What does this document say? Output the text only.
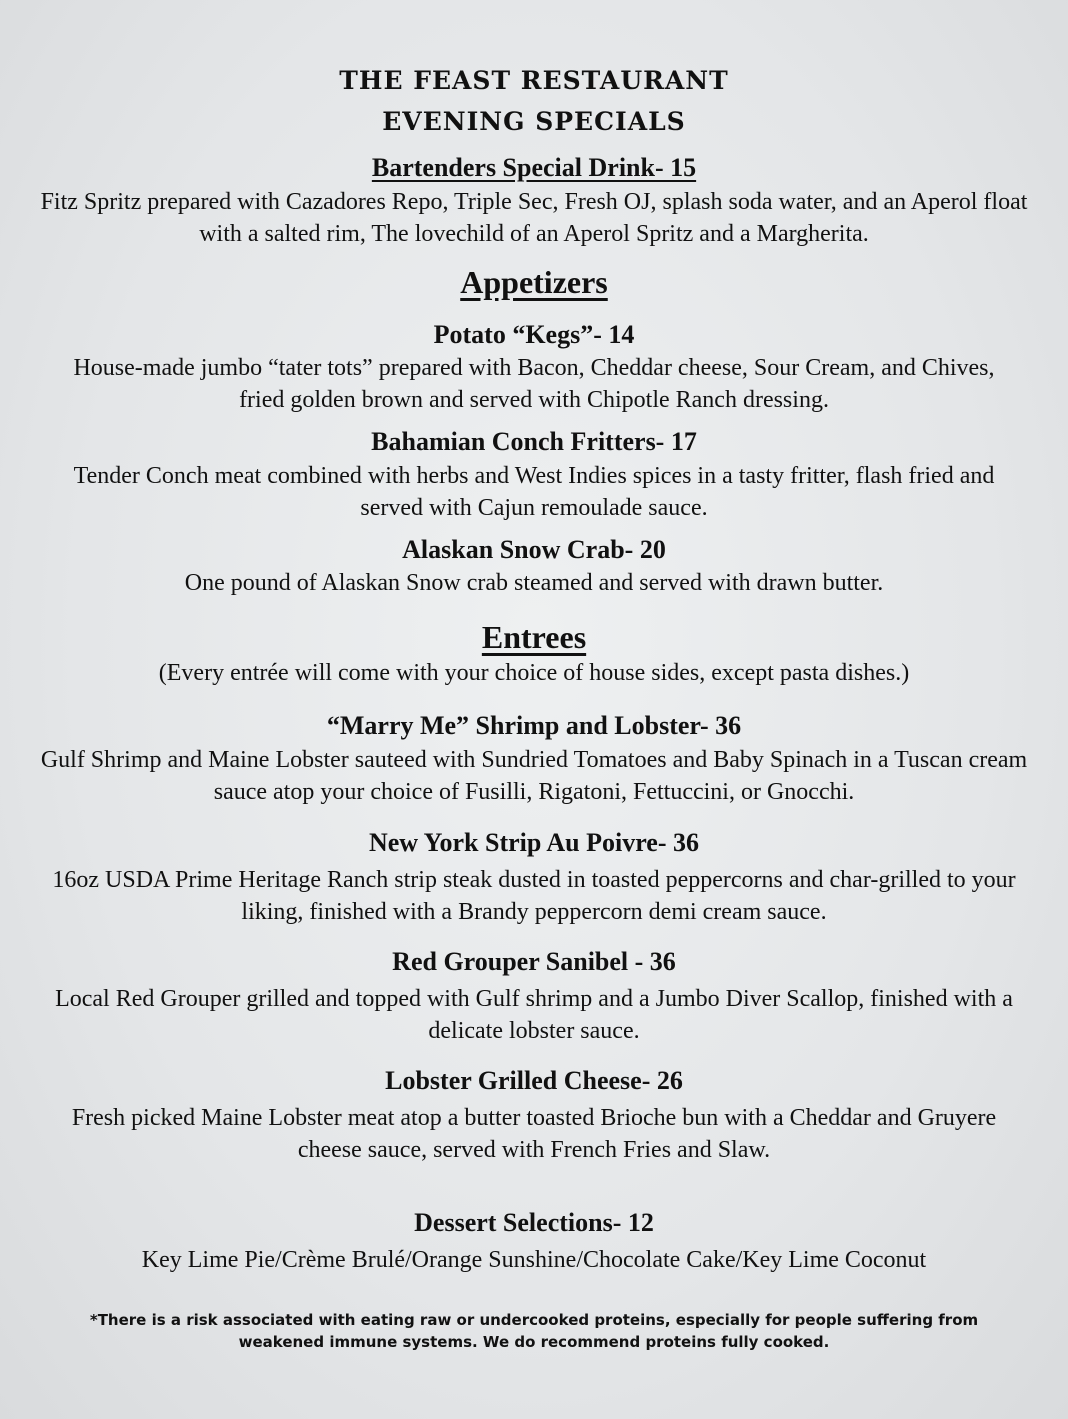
THE FEAST RESTAURANT
EVENING SPECIALS
Bartenders Special Drink- 15
Fitz Spritz prepared with Cazadores Repo, Triple Sec, Fresh OJ, splash soda water, and an Aperol float with a salted rim, The lovechild of an Aperol Spritz and a Margherita.
Appetizers
Potato “Kegs”- 14
House-made jumbo “tater tots” prepared with Bacon, Cheddar cheese, Sour Cream, and Chives, fried golden brown and served with Chipotle Ranch dressing.
Bahamian Conch Fritters- 17
Tender Conch meat combined with herbs and West Indies spices in a tasty fritter, flash fried and served with Cajun remoulade sauce.
Alaskan Snow Crab- 20
One pound of Alaskan Snow crab steamed and served with drawn butter.
Entrees
(Every entrée will come with your choice of house sides, except pasta dishes.)
“Marry Me” Shrimp and Lobster- 36
Gulf Shrimp and Maine Lobster sauteed with Sundried Tomatoes and Baby Spinach in a Tuscan cream sauce atop your choice of Fusilli, Rigatoni, Fettuccini, or Gnocchi.
New York Strip Au Poivre- 36
16oz USDA Prime Heritage Ranch strip steak dusted in toasted peppercorns and char-grilled to your liking, finished with a Brandy peppercorn demi cream sauce.
Red Grouper Sanibel - 36
Local Red Grouper grilled and topped with Gulf shrimp and a Jumbo Diver Scallop, finished with a delicate lobster sauce.
Lobster Grilled Cheese- 26
Fresh picked Maine Lobster meat atop a butter toasted Brioche bun with a Cheddar and Gruyere cheese sauce, served with French Fries and Slaw.
Dessert Selections- 12
Key Lime Pie/Crème Brulé/Orange Sunshine/Chocolate Cake/Key Lime Coconut
*There is a risk associated with eating raw or undercooked proteins, especially for people suffering from weakened immune systems. We do recommend proteins fully cooked.
